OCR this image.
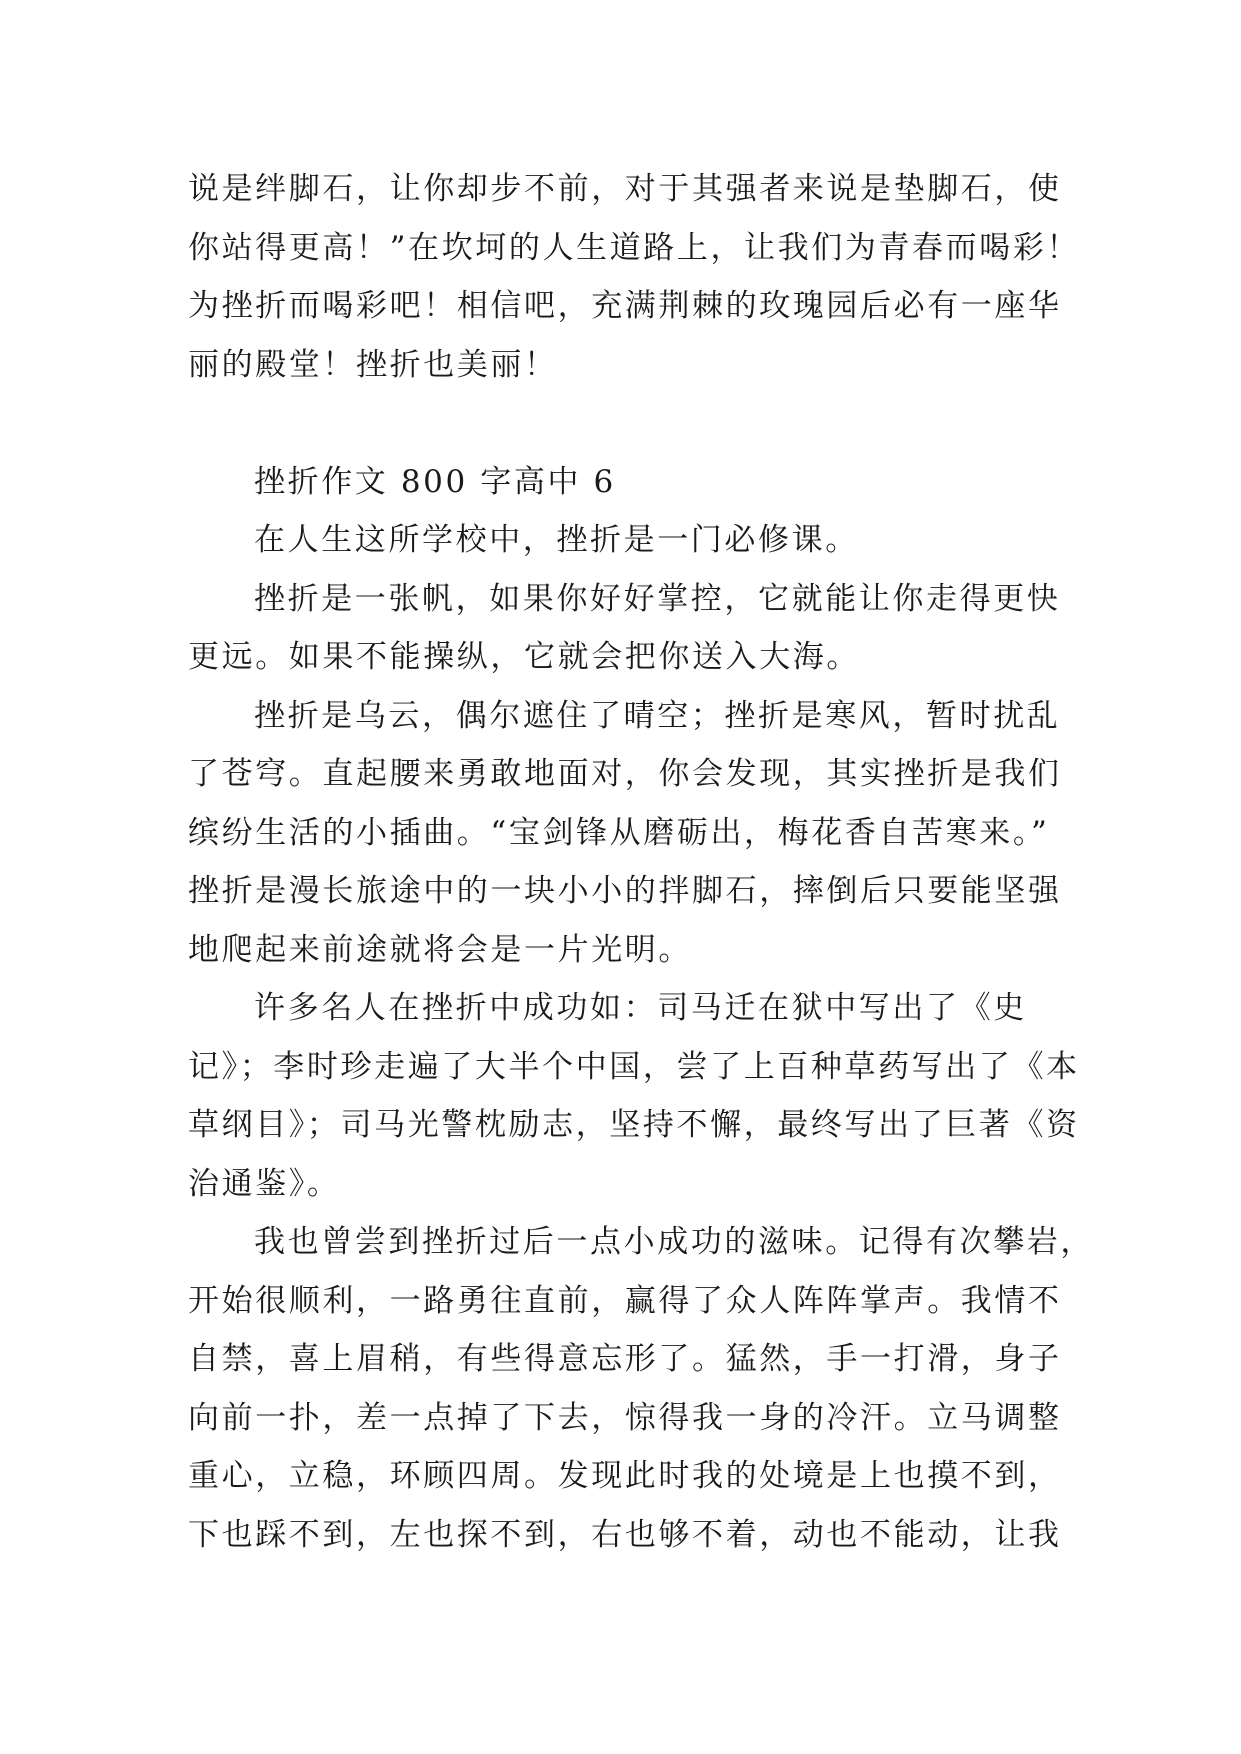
说是绊脚石，让你却步不前，对于其强者来说是垫脚石，使
你站得更高！”在坎坷的人生道路上，让我们为青春而喝彩！
为挫折而喝彩吧！相信吧，充满荆棘的玫瑰园后必有一座华
丽的殿堂！挫折也美丽！
挫折作文 800 字高中 6
在人生这所学校中，挫折是一门必修课。
挫折是一张帆，如果你好好掌控，它就能让你走得更快
更远。如果不能操纵，它就会把你送入大海。
挫折是乌云，偶尔遮住了晴空；挫折是寒风，暂时扰乱
了苍穹。直起腰来勇敢地面对，你会发现，其实挫折是我们
缤纷生活的小插曲。“宝剑锋从磨砺出，梅花香自苦寒来。”
挫折是漫长旅途中的一块小小的拌脚石，摔倒后只要能坚强
地爬起来前途就将会是一片光明。
许多名人在挫折中成功如：司马迁在狱中写出了《史
记》；李时珍走遍了大半个中国，尝了上百种草药写出了《本
草纲目》；司马光警枕励志，坚持不懈，最终写出了巨著《资
治通鉴》。
我也曾尝到挫折过后一点小成功的滋味。记得有次攀岩，
开始很顺利，一路勇往直前，赢得了众人阵阵掌声。我情不
自禁，喜上眉稍，有些得意忘形了。猛然，手一打滑，身子
向前一扑，差一点掉了下去，惊得我一身的冷汗。立马调整
重心，立稳，环顾四周。发现此时我的处境是上也摸不到，
下也踩不到，左也探不到，右也够不着，动也不能动，让我
